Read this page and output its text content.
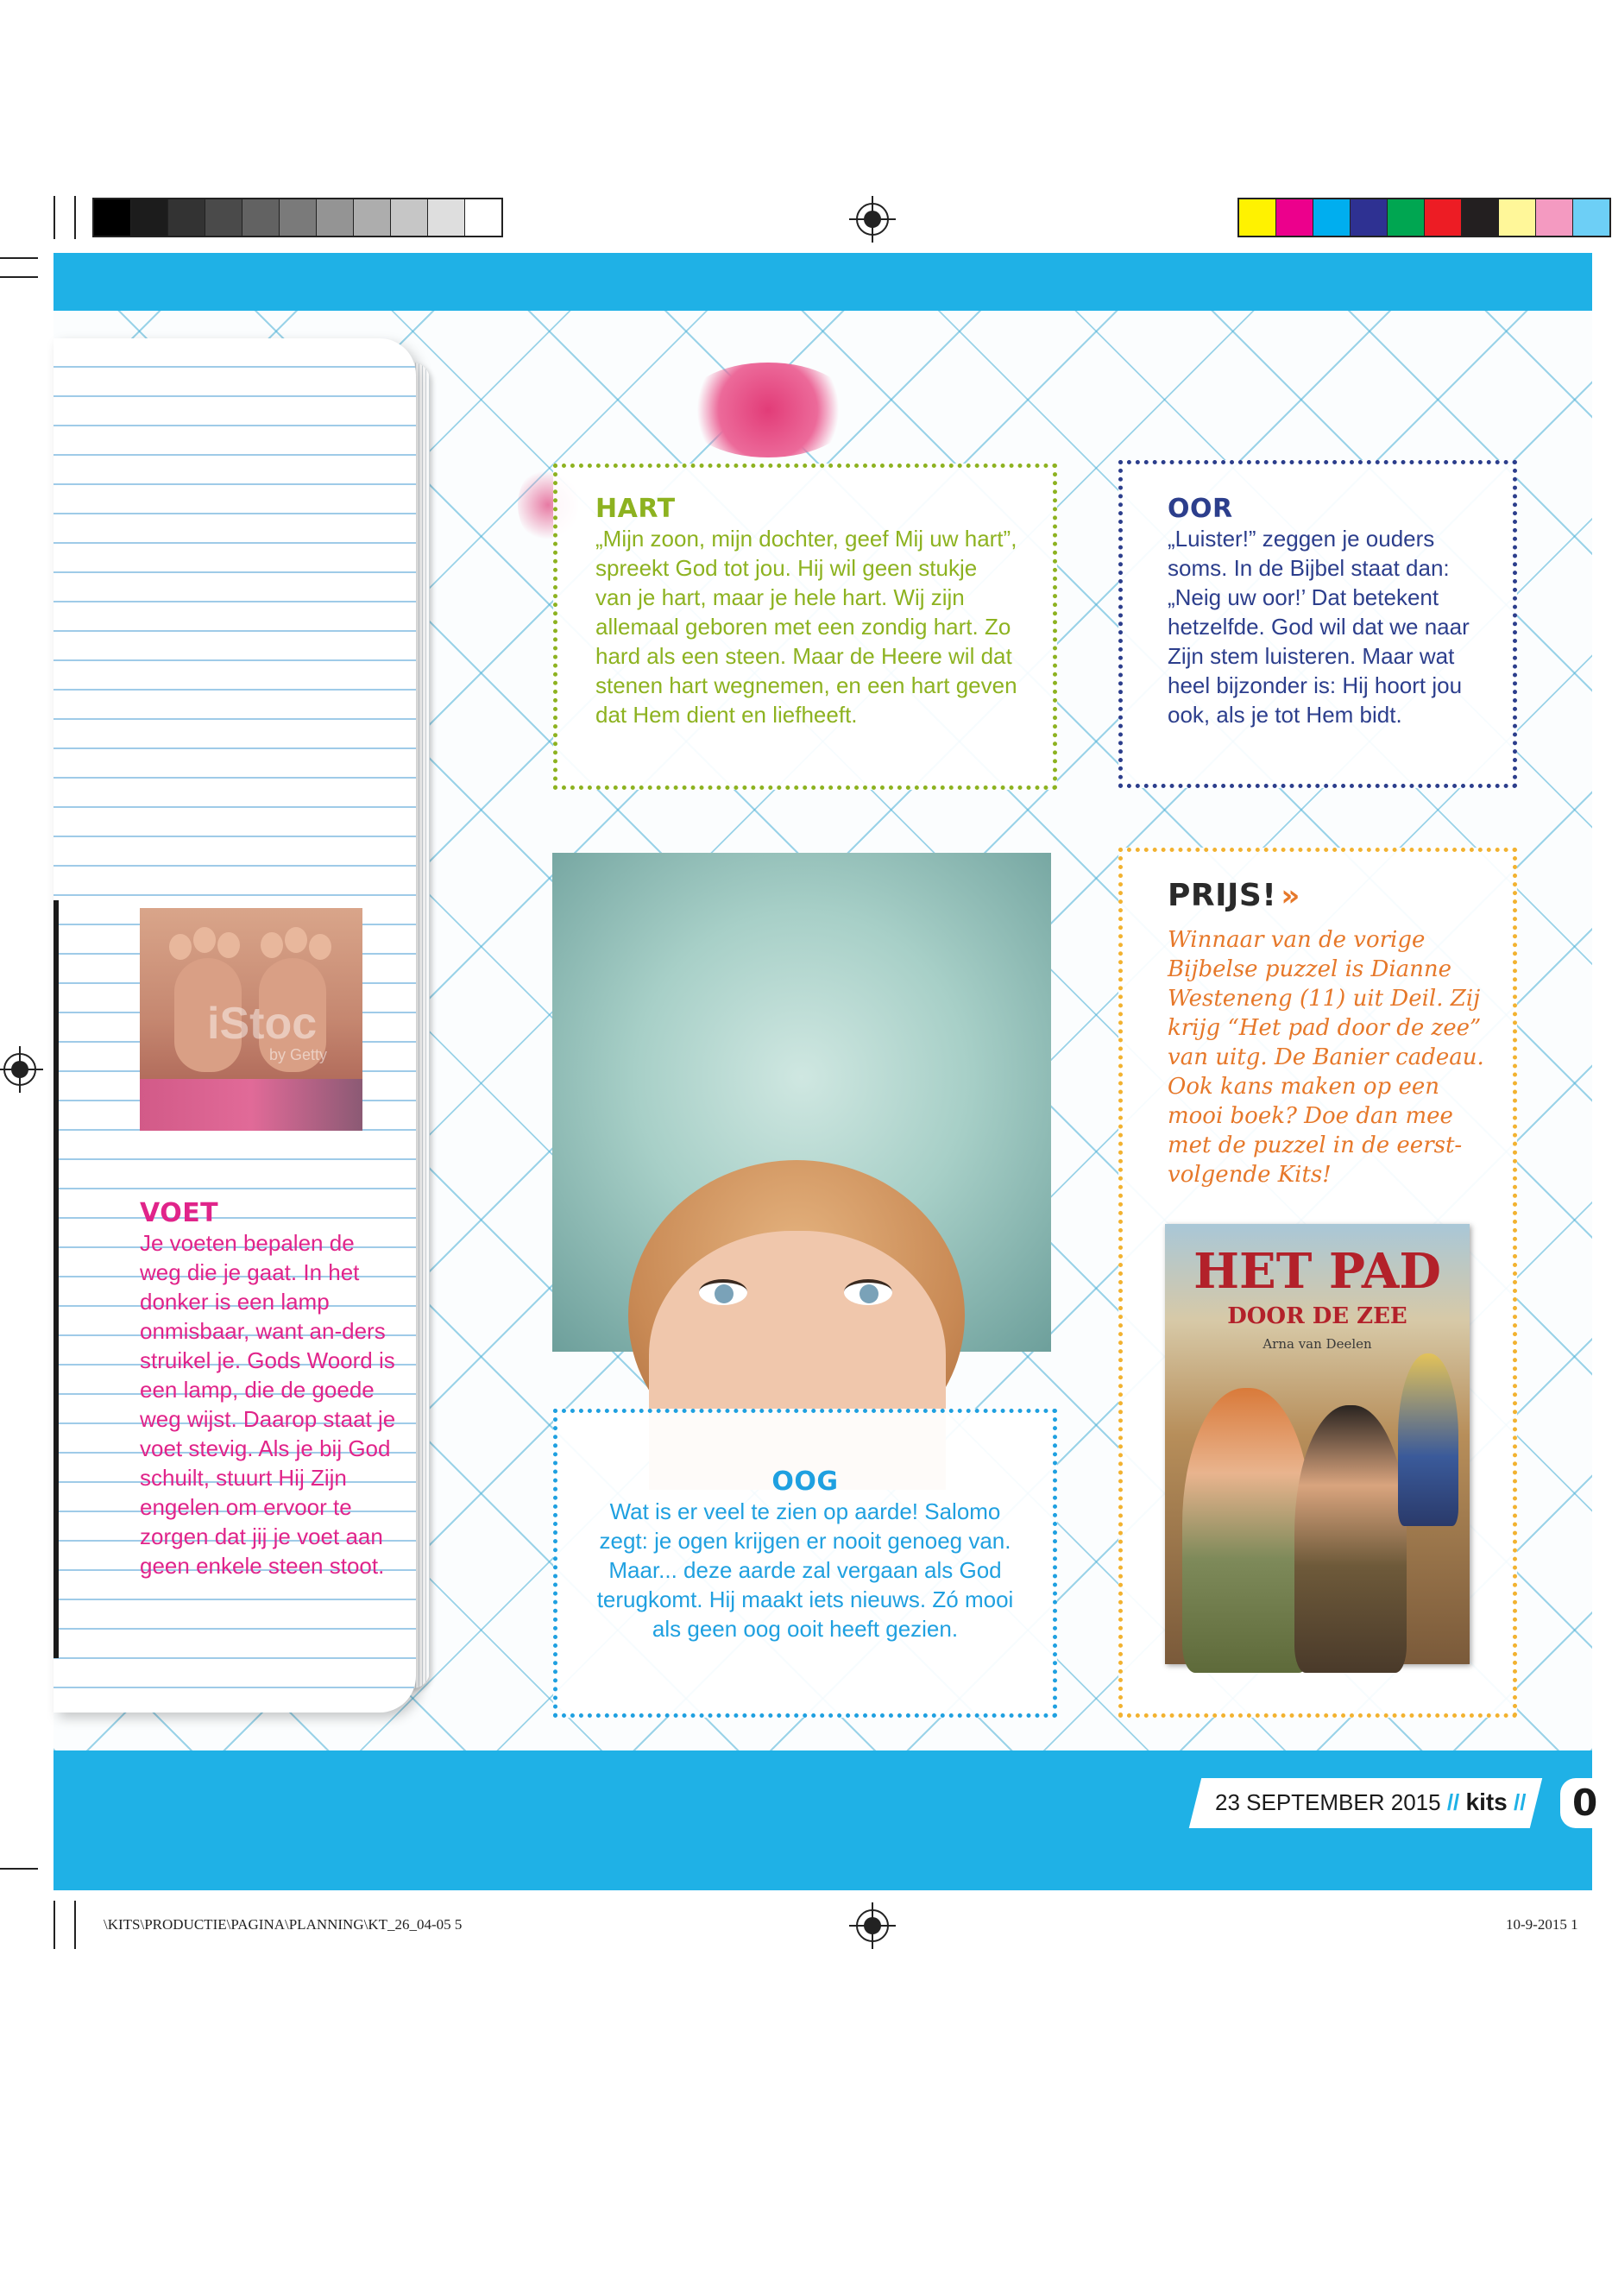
iStoc
by Getty
VOET

Je voeten bepalen de weg die je gaat. In het donker is een lamp onmisbaar, want an-ders struikel je. Gods Woord is een lamp, die de goede weg wijst. Daarop staat je voet stevig. Als je bij God schuilt, stuurt Hij Zijn engelen om ervoor te zorgen dat jij je voet aan geen enkele steen stoot.

HART

„Mijn zoon, mijn dochter, geef Mij uw hart”, spreekt God tot jou. Hij wil geen stukje van je hart, maar je hele hart. Wij zijn allemaal geboren met een zondig hart. Zo hard als een steen. Maar de Heere wil dat stenen hart wegnemen, en een hart geven dat Hem dient en liefheeft.

OOR

„Luister!” zeggen je ouders soms. In de Bijbel staat dan: „Neig uw oor!’ Dat betekent hetzelfde. God wil dat we naar Zijn stem luisteren. Maar wat heel bijzonder is: Hij hoort jou ook, als je tot Hem bidt.

PRIJS! »

Winnaar van de vorige Bijbelse puzzel is Dianne Westeneng (11) uit Deil. Zij krijg “Het pad door de zee” van uitg. De Banier cadeau. Ook kans maken op een mooi boek? Doe dan mee met de puzzel in de eerst-volgende Kits!

HET PAD
DOOR DE ZEE
Arna van Deelen
OOG

Wat is er veel te zien op aarde! Salomo zegt: je ogen krijgen er nooit genoeg van. Maar... deze aarde zal vergaan als God terugkomt. Hij maakt iets nieuws. Zó mooi als geen oog ooit heeft gezien.

23 SEPTEMBER 2015 // kits // 0
\KITS\PRODUCTIE\PAGINA\PLANNING\KT_26_04-05 5	10-9-2015 1
